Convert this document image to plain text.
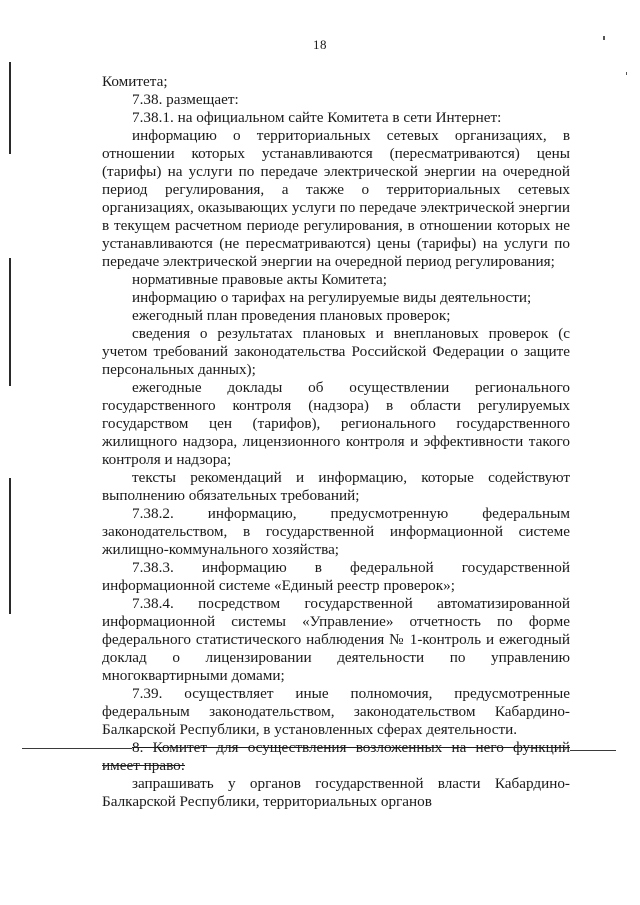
18

Комитета;

7.38. размещает:

7.38.1. на официальном сайте Комитета в сети Интернет:

информацию о территориальных сетевых организациях, в отношении которых устанавливаются (пересматриваются) цены (тарифы) на услуги по передаче электрической энергии на очередной период регулирования, а также о территориальных сетевых организациях, оказывающих услуги по передаче электрической энергии в текущем расчетном периоде регулирования, в отношении которых не устанавливаются (не пересматриваются) цены (тарифы) на услуги по передаче электрической энергии на очередной период регулирования;

нормативные правовые акты Комитета;

информацию о тарифах на регулируемые виды деятельности;

ежегодный план проведения плановых проверок;

сведения о результатах плановых и внеплановых проверок (с учетом требований законодательства Российской Федерации о защите персональных данных);

ежегодные доклады об осуществлении регионального государственного контроля (надзора) в области регулируемых государством цен (тарифов), регионального государственного жилищного надзора, лицензионного контроля и эффективности такого контроля и надзора;

тексты рекомендаций и информацию, которые содействуют выполнению обязательных требований;

7.38.2. информацию, предусмотренную федеральным законодательством, в государственной информационной системе жилищно-коммунального хозяйства;

7.38.3. информацию в федеральной государственной информационной системе «Единый реестр проверок»;

7.38.4. посредством государственной автоматизированной информационной системы «Управление» отчетность по форме федерального статистического наблюдения № 1-контроль и ежегодный доклад о лицензировании деятельности по управлению многоквартирными домами;

7.39. осуществляет иные полномочия, предусмотренные федеральным законодательством, законодательством Кабардино-Балкарской Республики, в установленных сферах деятельности.

8. Комитет для осуществления возложенных на него функций имеет право:

запрашивать у органов государственной власти Кабардино-Балкарской Республики, территориальных органов
